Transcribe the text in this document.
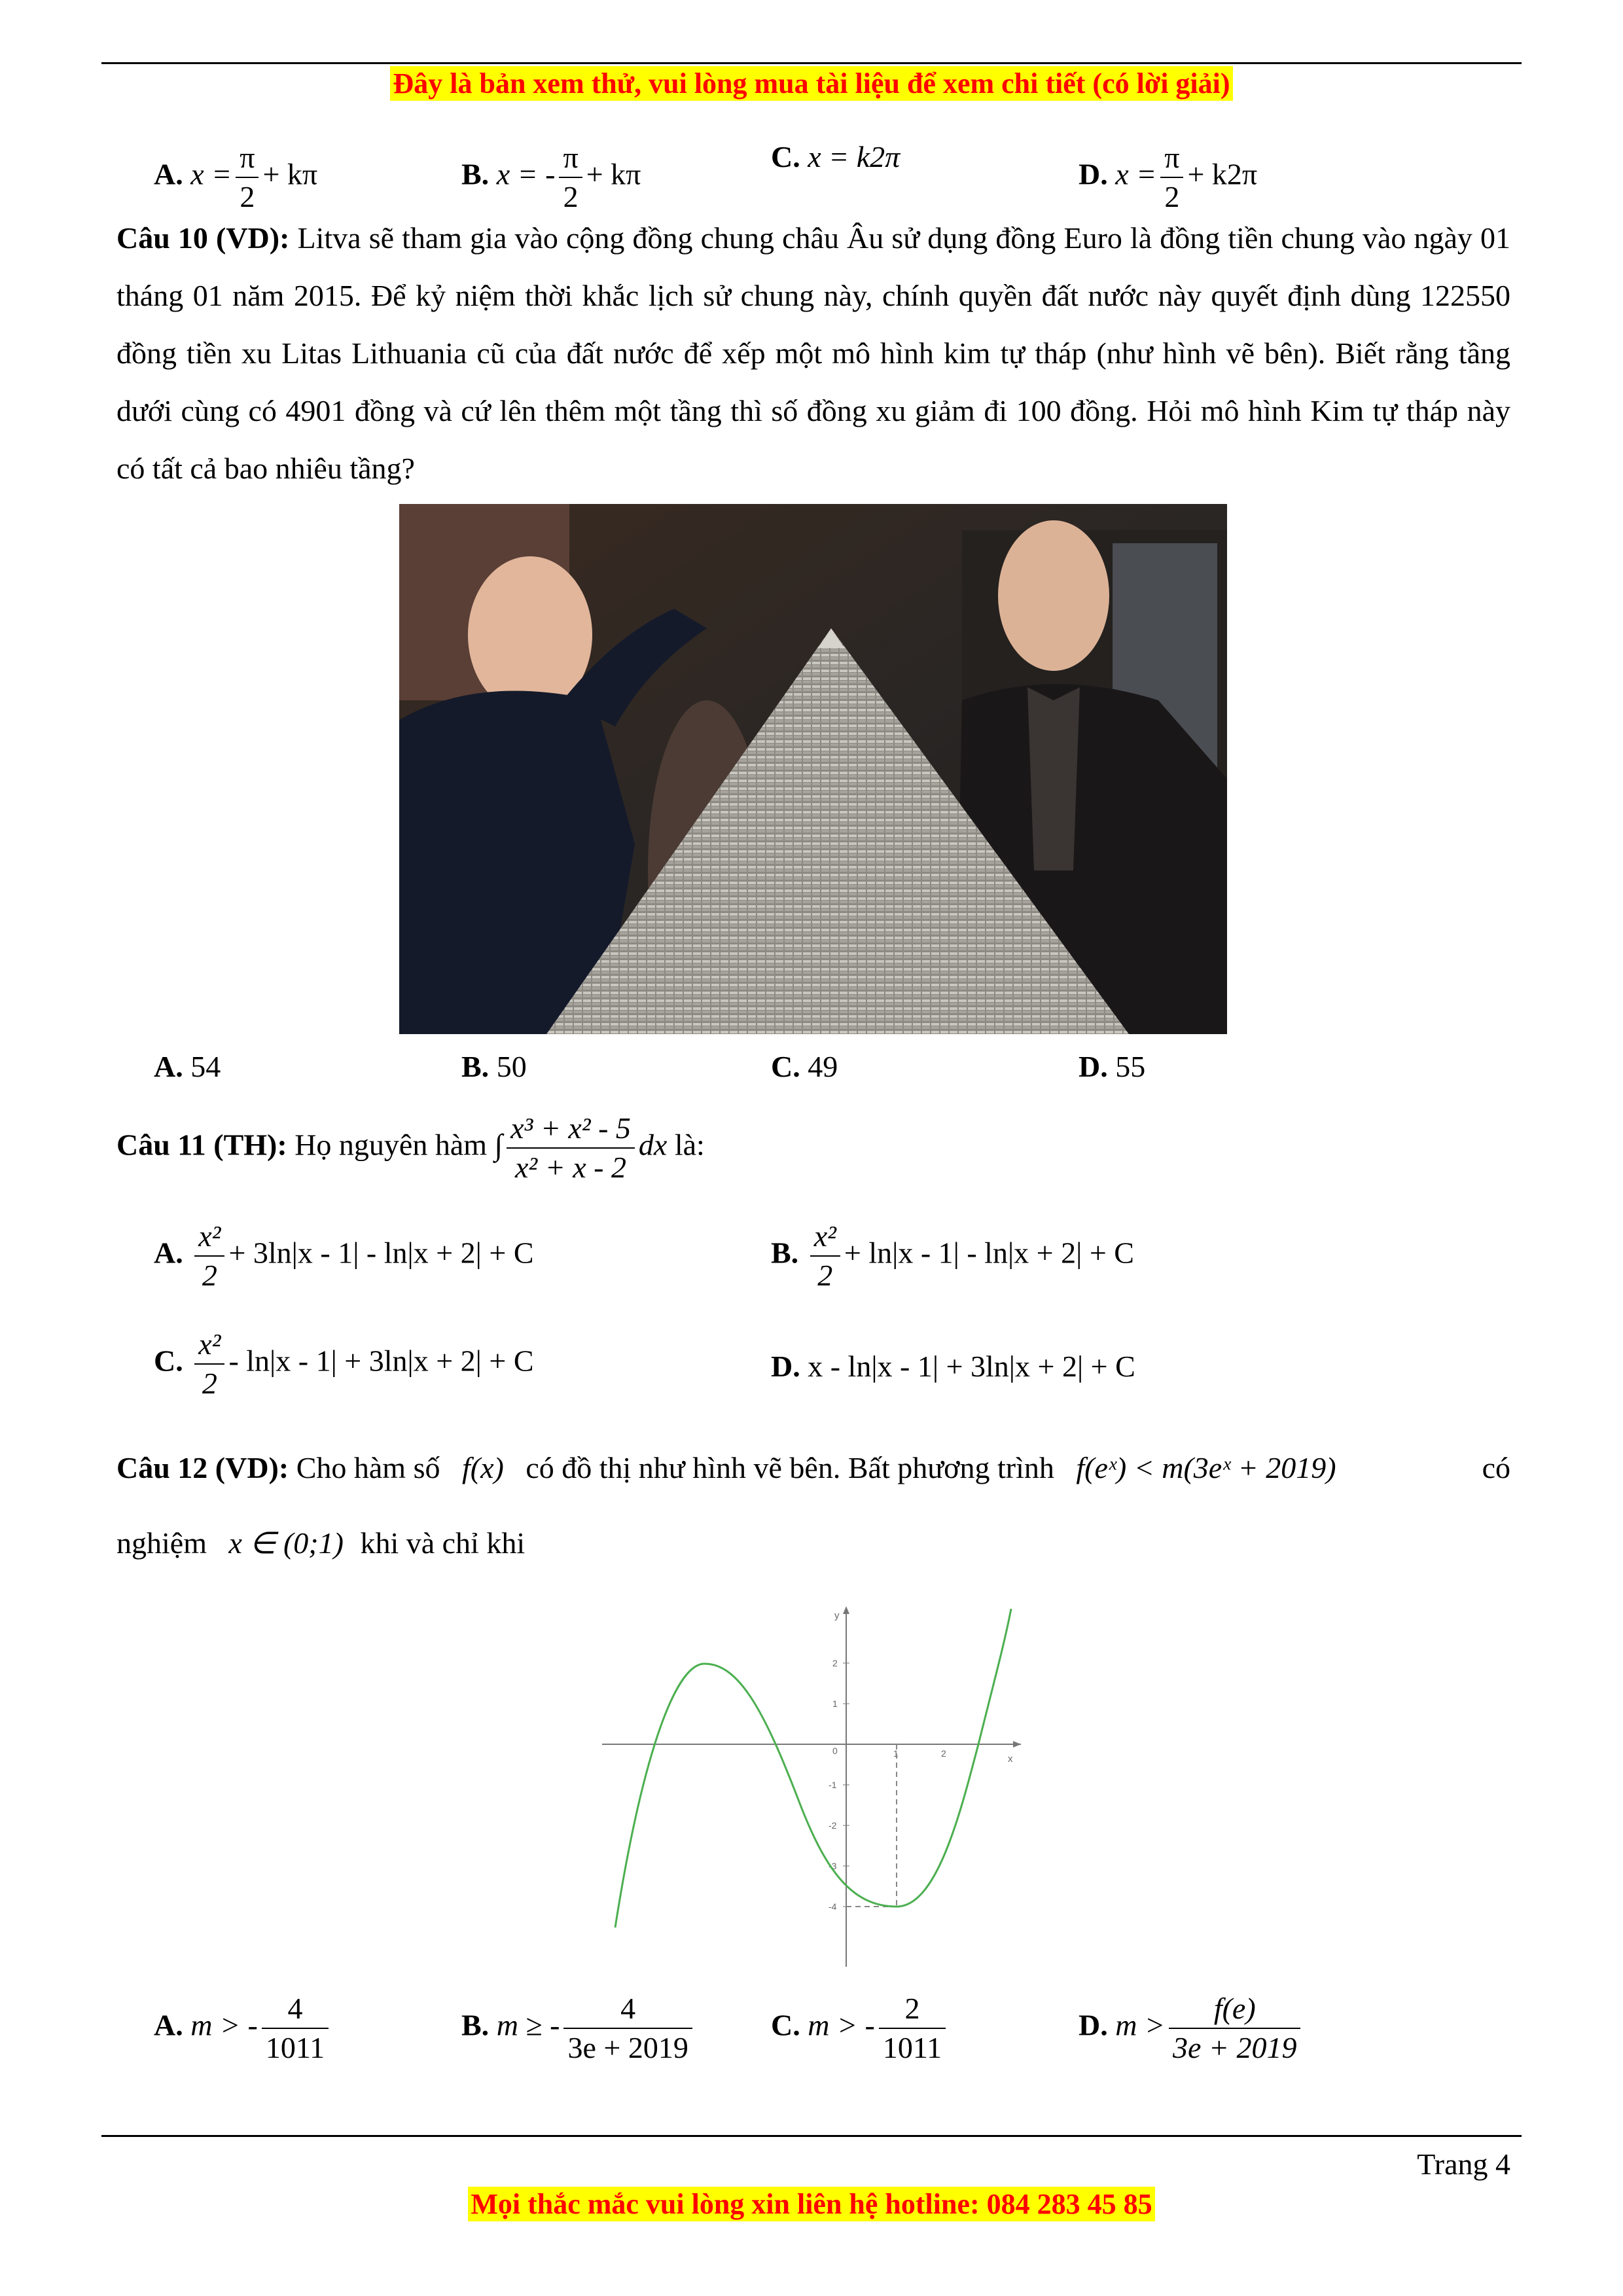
Đây là bản xem thử, vui lòng mua tài liệu để xem chi tiết (có lời giải)
A. $x = \frac{\pi}{2} + k\pi$	B. x = - $\frac{\pi}{2} + k\pi$
C. x = k2π
D. $x = \frac{\pi}{2} + k2\pi$
Câu 10 (VD): Litva sẽ tham gia vào cộng đồng chung châu Âu sử dụng đồng Euro là đồng tiền chung vào ngày 01 tháng 01 năm 2015. Để kỷ niệm thời khắc lịch sử chung này, chính quyền đất nước này quyết định dùng 122550 đồng tiền xu Litas Lithuania cũ của đất nước để xếp một mô hình kim tự tháp (như hình vẽ bên). Biết rằng tầng dưới cùng có 4901 đồng và cứ lên thêm một tầng thì số đồng xu giảm đi 100 đồng. Hỏi mô hình Kim tự tháp này có tất cả bao nhiêu tầng?
A. 54	B. 50	C. 49	D. 55
Câu 11 (TH): Họ nguyên hàm ∫ $\frac{\text{x³ + x² - 5}}{\text{x² + x - 2}}$ dx là:
A. $\frac{\text{x²}}{2} + 3\ln|x - 1| - \ln|x + 2| + C$	B. $\frac{\text{x²}}{2} + \ln|x - 1| - \ln|x + 2| + C$
C. $\frac{\text{x²}}{2} - \ln|x - 1| + 3\ln|x + 2| + C$	D. x - ln|x - 1| + 3ln|x + 2| + C
Câu 12 (VD): Cho hàm số f(x) có đồ thị như hình vẽ bên. Bất phương trình f(eˣ) < m(3eˣ + 2019)	có
nghiệm x ∈ (0;1) khi và chỉ khi
y
x
2
1
0
-1
-2
-3
-4
1	2
A. m > - $\frac{4}{1011}$	B. m ≥ - $\frac{4}{3e + 2019}$	C. m > - $\frac{2}{1011}$	D. $m > \frac{f(e)}{3e + 2019}$
Trang 4
Mọi thắc mắc vui lòng xin liên hệ hotline: 084 283 45 85
